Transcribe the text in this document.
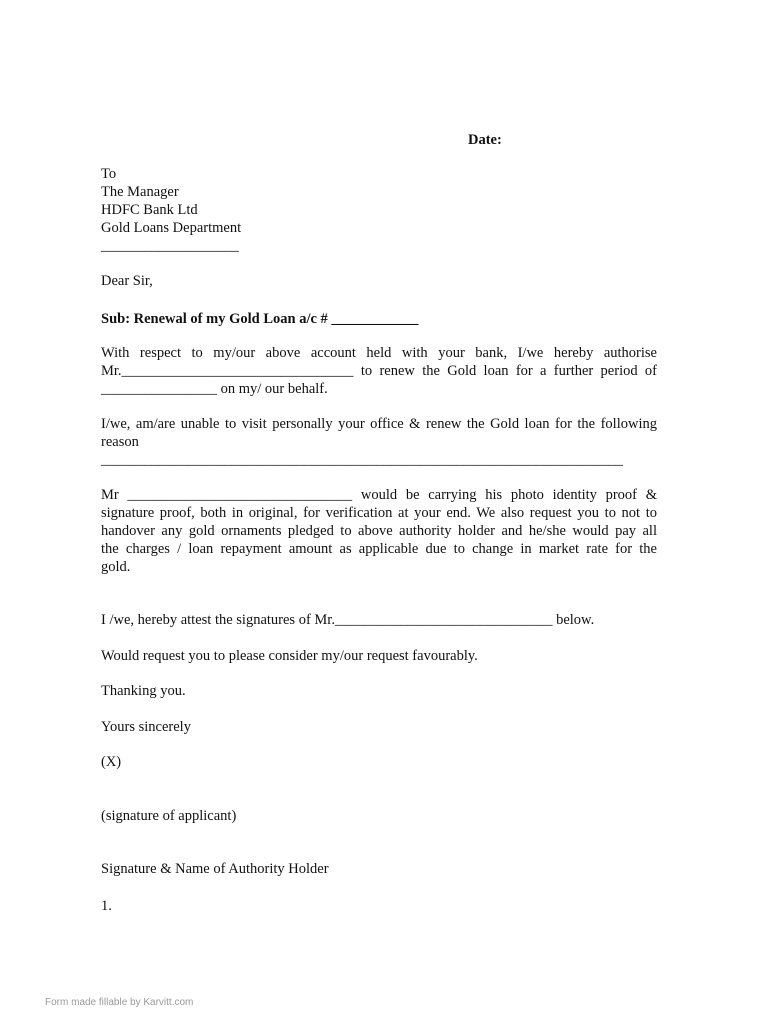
Date:
To
The Manager
HDFC Bank Ltd
Gold Loans Department
___________________
Dear Sir,
Sub: Renewal of my Gold Loan a/c # ____________
With respect to my/our above account held with your bank, I/we hereby authorise
Mr.________________________________ to renew the Gold loan for a further period of
________________ on my/ our behalf.
I/we, am/are unable to visit personally your office & renew the Gold loan for the following
reason
________________________________________________________________________
Mr _______________________________ would be carrying his photo identity proof &
signature proof, both in original, for verification at your end. We also request you to not to
handover any gold ornaments pledged to above authority holder and he/she would pay all
the charges / loan repayment amount as applicable due to change in market rate for the
gold.
I /we, hereby attest the signatures of Mr.______________________________ below.
Would request you to please consider my/our request favourably.
Thanking you.
Yours sincerely
(X)
(signature of applicant)
Signature & Name of Authority Holder
1.
Form made fillable by Karvitt.com
